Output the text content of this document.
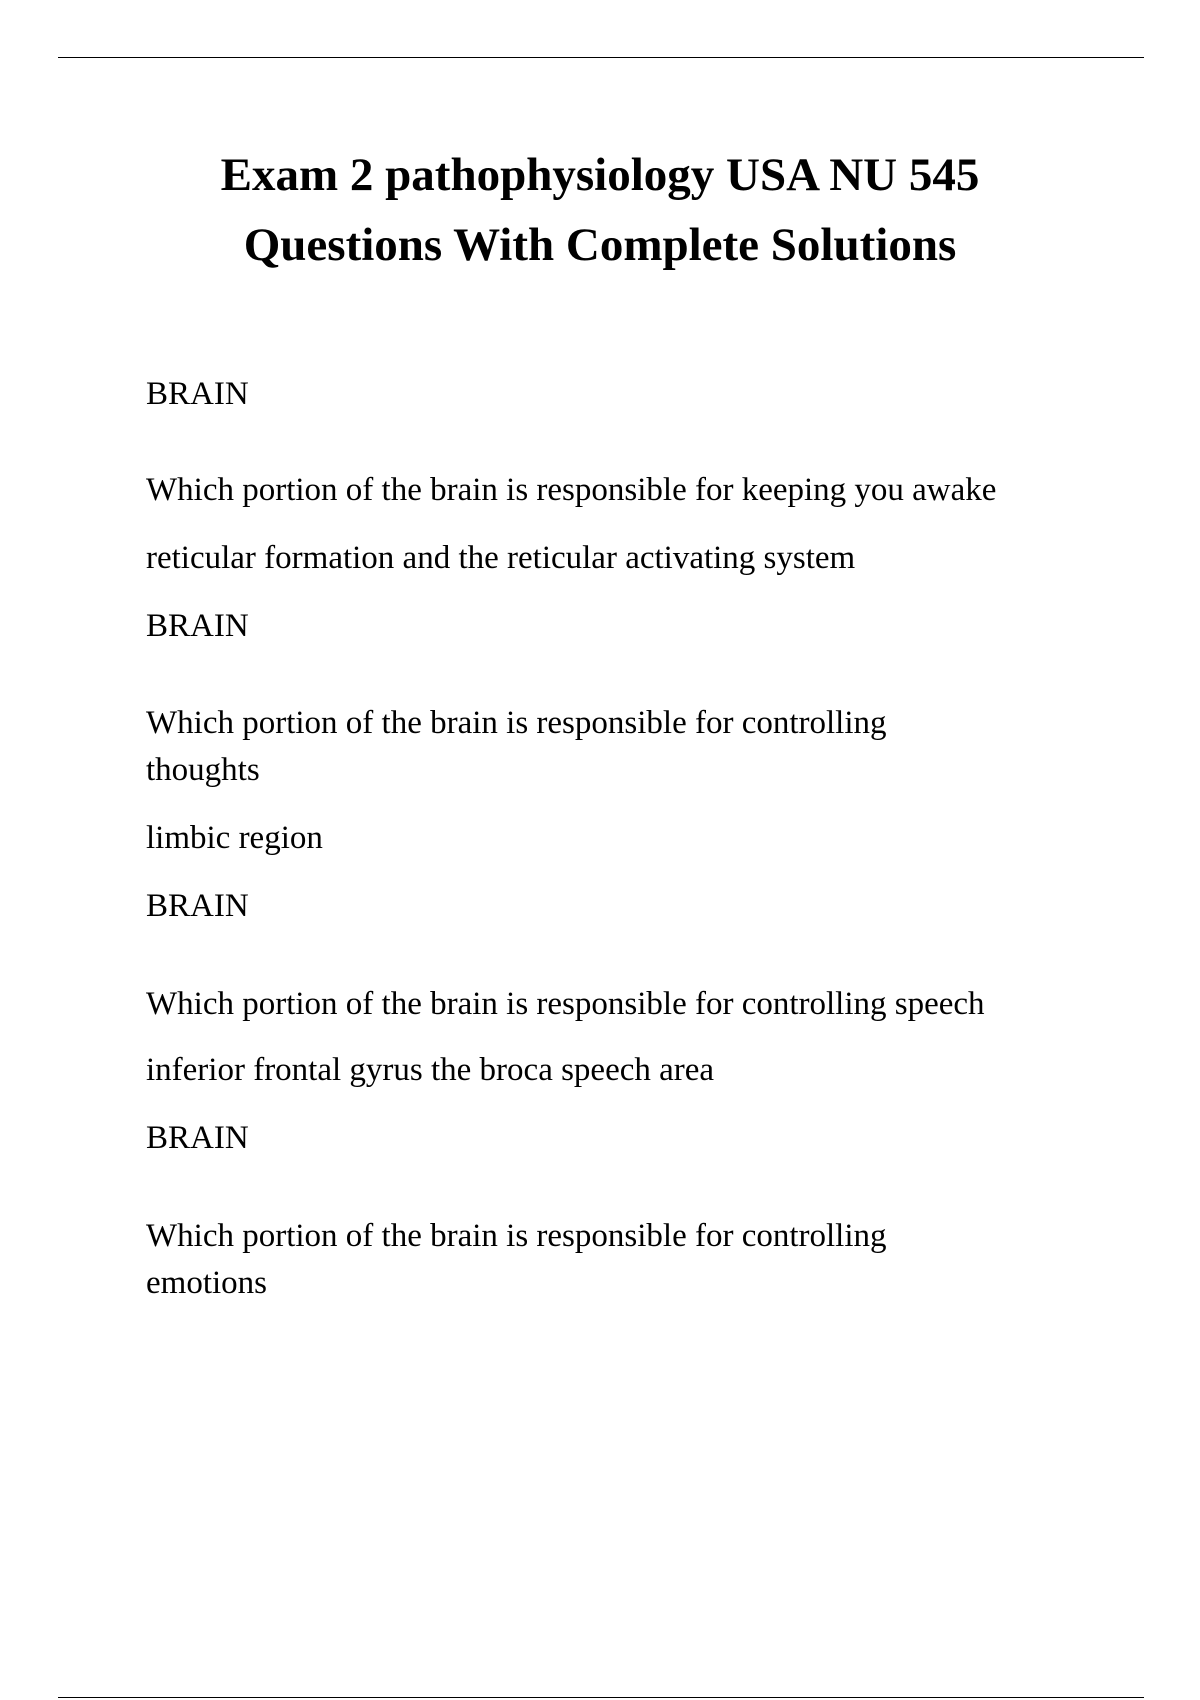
Exam 2 pathophysiology USA NU 545
Questions With Complete Solutions
BRAIN
Which portion of the brain is responsible for keeping you awake
reticular formation and the reticular activating system
BRAIN
Which portion of the brain is responsible for controlling thoughts
limbic region
BRAIN
Which portion of the brain is responsible for controlling speech
inferior frontal gyrus the broca speech area
BRAIN
Which portion of the brain is responsible for controlling emotions
